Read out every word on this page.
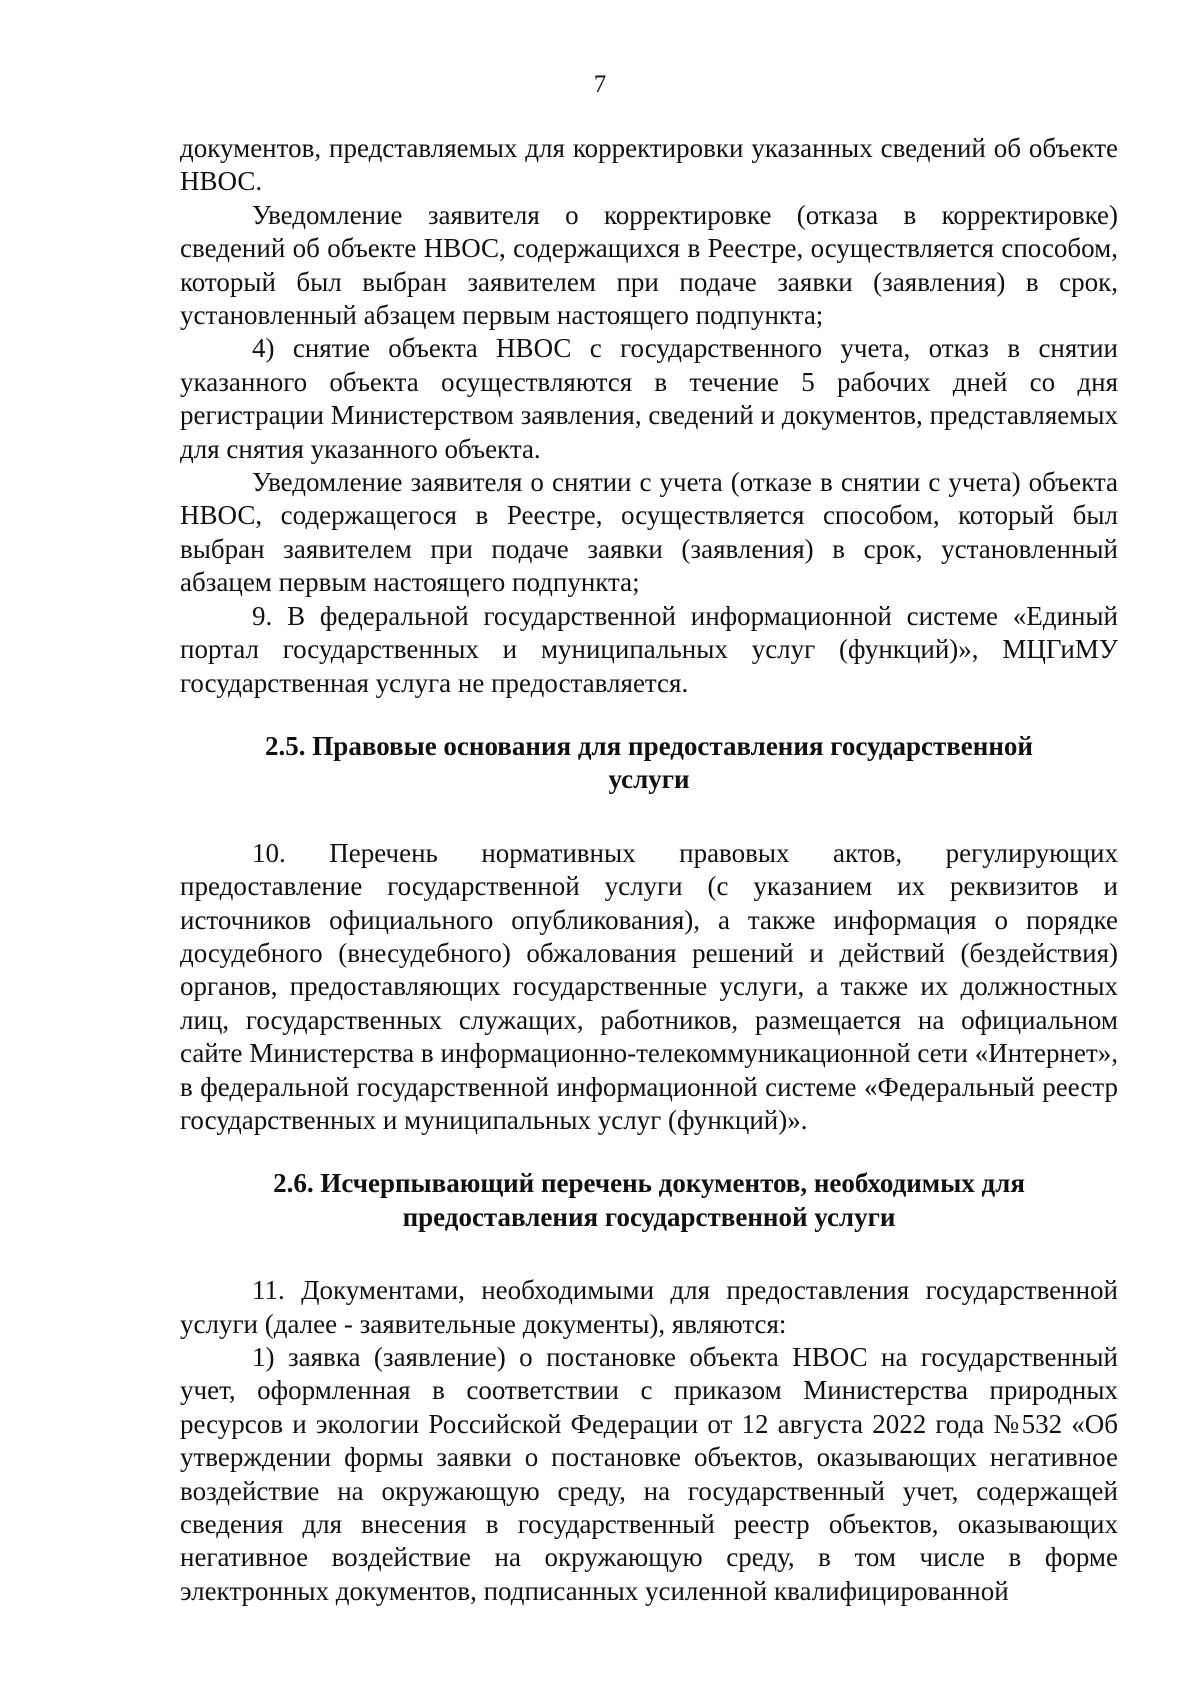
7

документов, представляемых для корректировки указанных сведений об объекте НВОС.

Уведомление заявителя о корректировке (отказа в корректировке) сведений об объекте НВОС, содержащихся в Реестре, осуществляется способом, который был выбран заявителем при подаче заявки (заявления) в срок, установленный абзацем первым настоящего подпункта;

4) снятие объекта НВОС с государственного учета, отказ в снятии указанного объекта осуществляются в течение 5 рабочих дней со дня регистрации Министерством заявления, сведений и документов, представляемых для снятия указанного объекта.

Уведомление заявителя о снятии с учета (отказе в снятии с учета) объекта НВОС, содержащегося в Реестре, осуществляется способом, который был выбран заявителем при подаче заявки (заявления) в срок, установленный абзацем первым настоящего подпункта;

9. В федеральной государственной информационной системе «Единый портал государственных и муниципальных услуг (функций)», МЦГиМУ государственная услуга не предоставляется.

2.5. Правовые основания для предоставления государственной услуги

10. Перечень нормативных правовых актов, регулирующих предоставление государственной услуги (с указанием их реквизитов и источников официального опубликования), а также информация о порядке досудебного (внесудебного) обжалования решений и действий (бездействия) органов, предоставляющих государственные услуги, а также их должностных лиц, государственных служащих, работников, размещается на официальном сайте Министерства в информационно-телекоммуникационной сети «Интернет», в федеральной государственной информационной системе «Федеральный реестр государственных и муниципальных услуг (функций)».

2.6. Исчерпывающий перечень документов, необходимых для предоставления государственной услуги

11. Документами, необходимыми для предоставления государственной услуги (далее - заявительные документы), являются:

1) заявка (заявление) о постановке объекта НВОС на государственный учет, оформленная в соответствии с приказом Министерства природных ресурсов и экологии Российской Федерации от 12 августа 2022 года №532 «Об утверждении формы заявки о постановке объектов, оказывающих негативное воздействие на окружающую среду, на государственный учет, содержащей сведения для внесения в государственный реестр объектов, оказывающих негативное воздействие на окружающую среду, в том числе в форме электронных документов, подписанных усиленной квалифицированной
